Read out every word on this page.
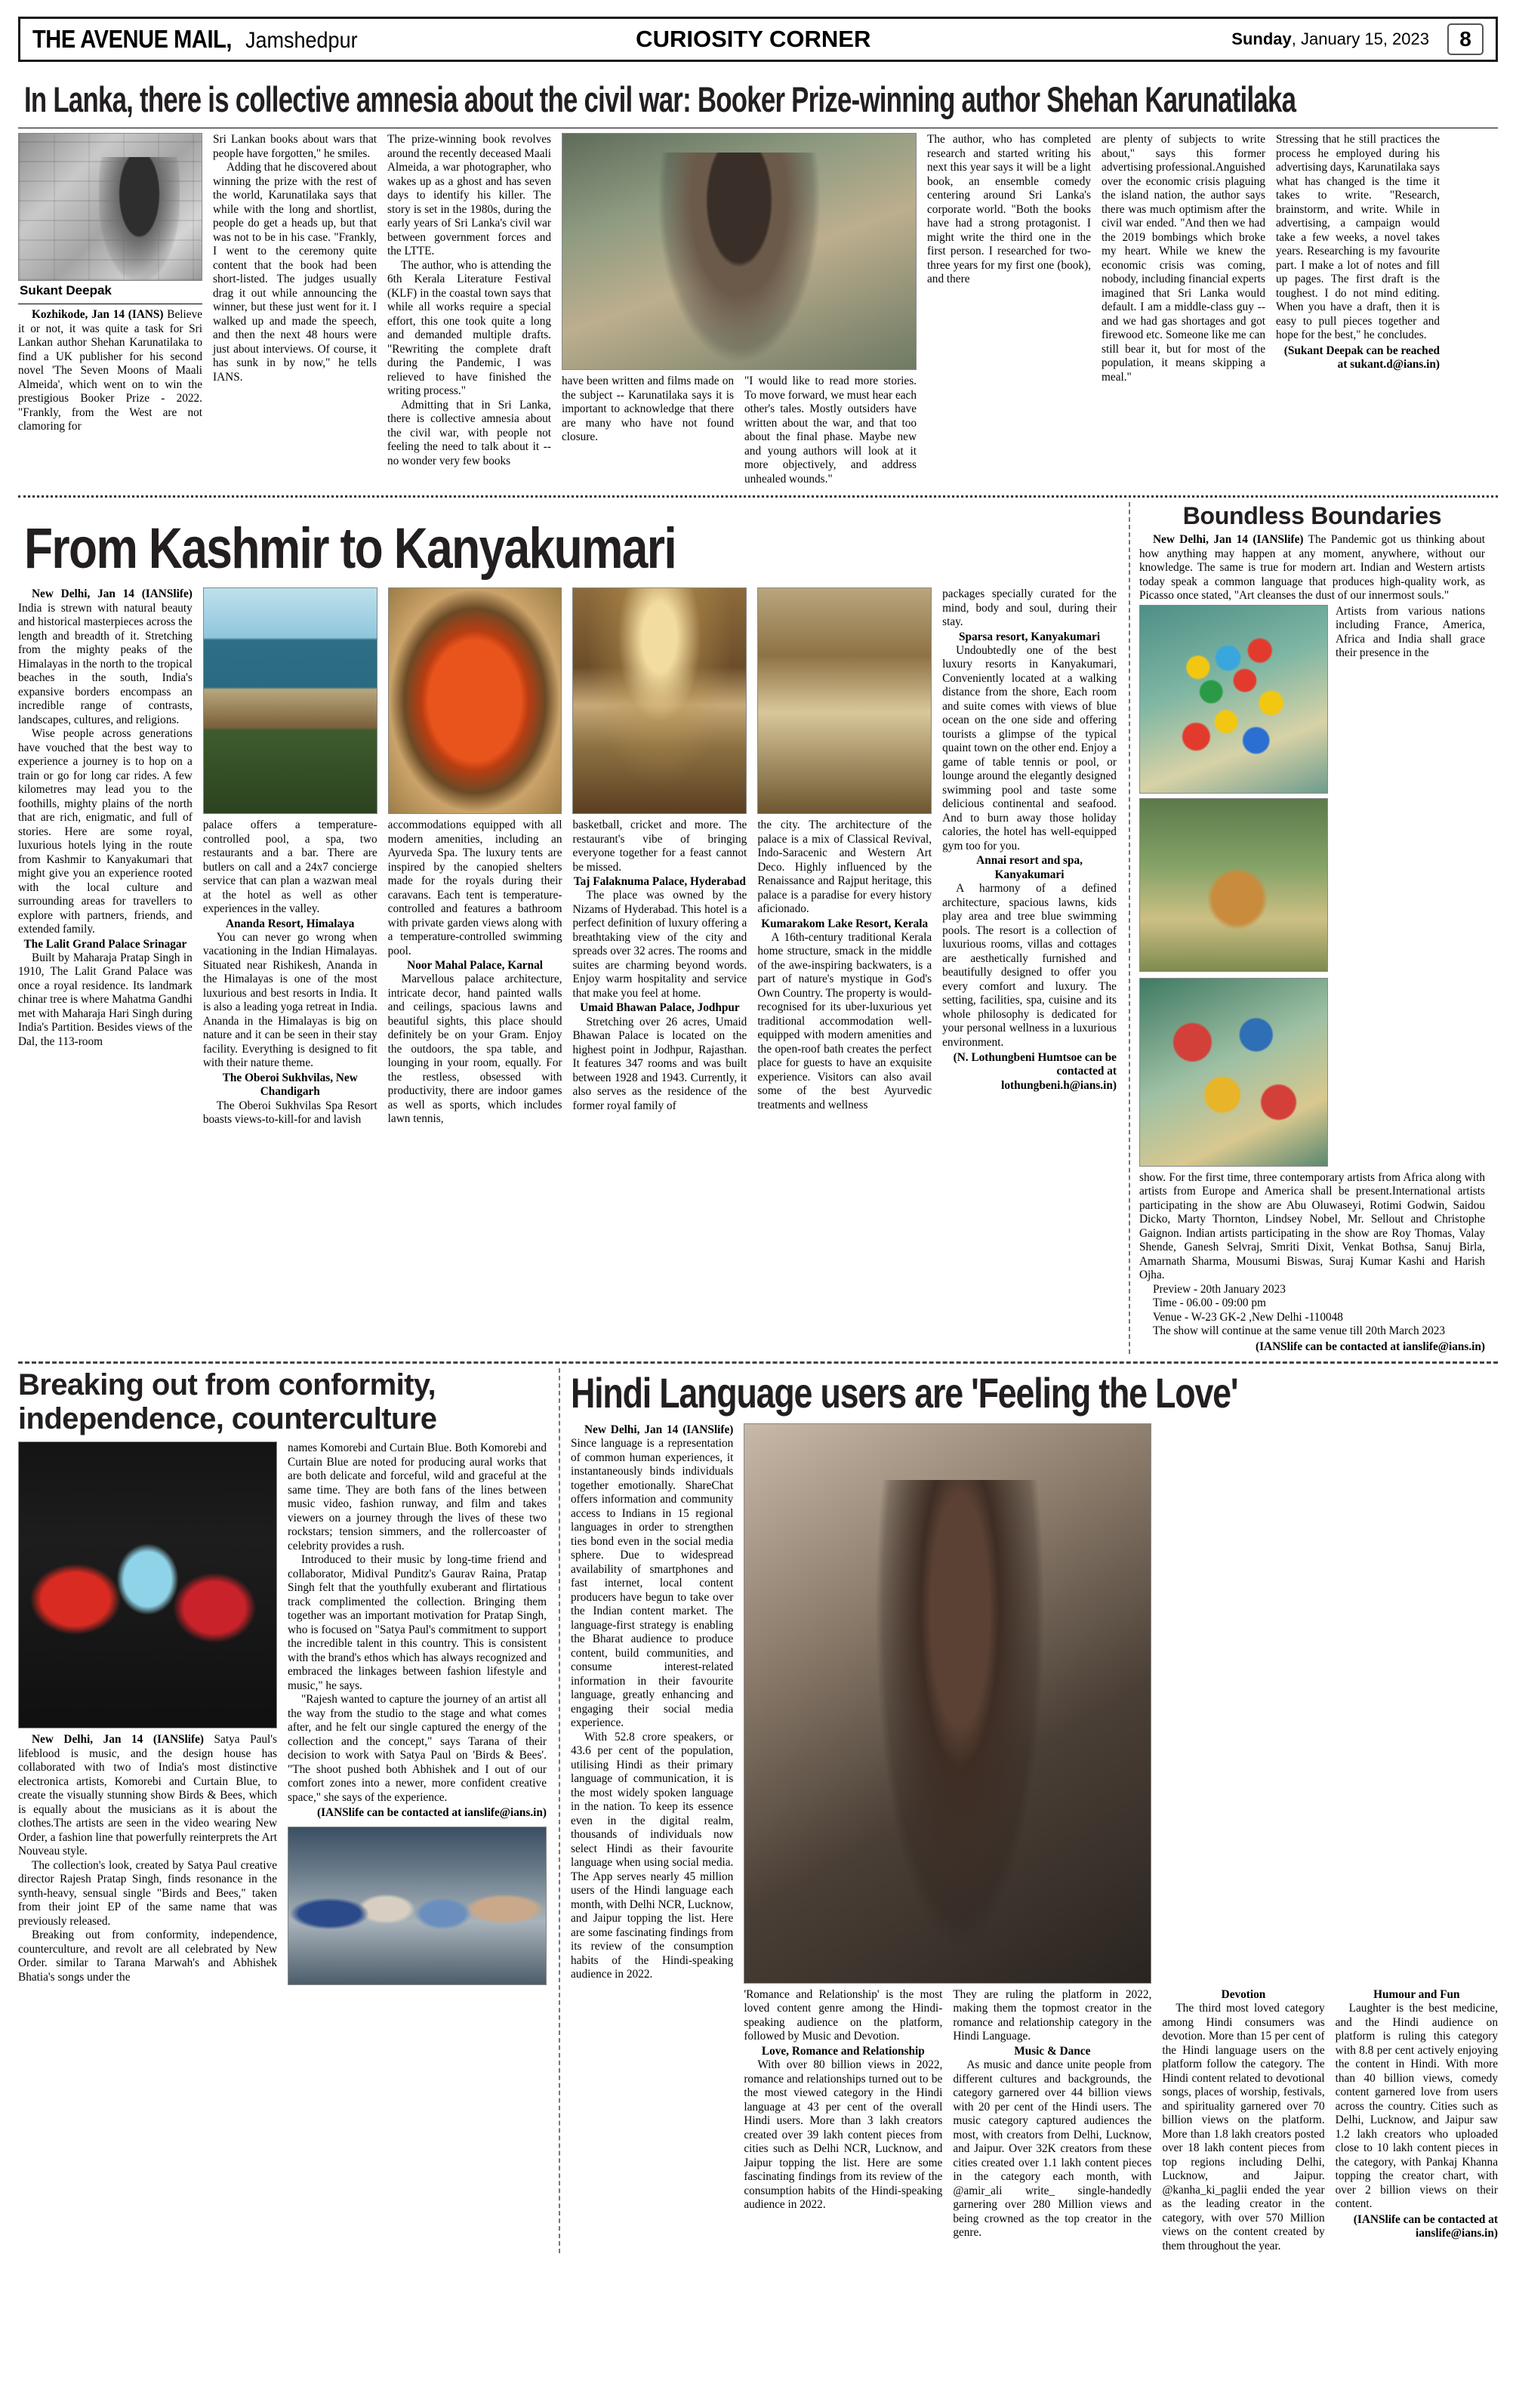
THE AVENUE MAIL, Jamshedpur	CURIOSITY CORNER	Sunday, January 15, 2023	8
In Lanka, there is collective amnesia about the civil war: Booker Prize-winning author Shehan Karunatilaka
Sukant Deepak

Kozhikode, Jan 14 (IANS) Believe it or not, it was quite a task for Sri Lankan author Shehan Karunatilaka to find a UK publisher for his second novel 'The Seven Moons of Maali Almeida', which went on to win the prestigious Booker Prize - 2022. "Frankly, from the West are not clamoring for

Sri Lankan books about wars that people have forgotten," he smiles.

Adding that he discovered about winning the prize with the rest of the world, Karunatilaka says that while with the long and shortlist, people do get a heads up, but that was not to be in his case. "Frankly, I went to the ceremony quite content that the book had been short-listed. The judges usually drag it out while announcing the winner, but these just went for it. I walked up and made the speech, and then the next 48 hours were just about interviews. Of course, it has sunk in by now," he tells IANS.

The prize-winning book revolves around the recently deceased Maali Almeida, a war photographer, who wakes up as a ghost and has seven days to identify his killer. The story is set in the 1980s, during the early years of Sri Lanka's civil war between government forces and the LTTE.

The author, who is attending the 6th Kerala Literature Festival (KLF) in the coastal town says that while all works require a special effort, this one took quite a long and demanded multiple drafts. "Rewriting the complete draft during the Pandemic, I was relieved to have finished the writing process."

Admitting that in Sri Lanka, there is collective amnesia about the civil war, with people not feeling the need to talk about it -- no wonder very few books

have been written and films made on the subject -- Karunatilaka says it is important to acknowledge that there are many who have not found closure.

"I would like to read more stories. To move forward, we must hear each other's tales. Mostly outsiders have written about the war, and that too about the final phase. Maybe new and young authors will look at it more objectively, and address unhealed wounds."

The author, who has completed research and started writing his next this year says it will be a light book, an ensemble comedy centering around Sri Lanka's corporate world. "Both the books have had a strong protagonist. I might write the third one in the first person. I researched for two-three years for my first one (book), and there

are plenty of subjects to write about," says this former advertising professional.Anguished over the economic crisis plaguing the island nation, the author says there was much optimism after the civil war ended. "And then we had the 2019 bombings which broke my heart. While we knew the economic crisis was coming, nobody, including financial experts imagined that Sri Lanka would default. I am a middle-class guy -- and we had gas shortages and got firewood etc. Someone like me can still bear it, but for most of the population, it means skipping a meal."

Stressing that he still practices the process he employed during his advertising days, Karunatilaka says what has changed is the time it takes to write. "Research, brainstorm, and write. While in advertising, a campaign would take a few weeks, a novel takes years. Researching is my favourite part. I make a lot of notes and fill up pages. The first draft is the toughest. I do not mind editing. When you have a draft, then it is easy to pull pieces together and hope for the best," he concludes.

(Sukant Deepak can be reached at sukant.d@ians.in)
From Kashmir to Kanyakumari

New Delhi, Jan 14 (IANSlife) India is strewn with natural beauty and historical masterpieces across the length and breadth of it. Stretching from the mighty peaks of the Himalayas in the north to the tropical beaches in the south, India's expansive borders encompass an incredible range of contrasts, landscapes, cultures, and religions.

Wise people across generations have vouched that the best way to experience a journey is to hop on a train or go for long car rides. A few kilometres may lead you to the foothills, mighty plains of the north that are rich, enigmatic, and full of stories. Here are some royal, luxurious hotels lying in the route from Kashmir to Kanyakumari that might give you an experience rooted with the local culture and surrounding areas for travellers to explore with partners, friends, and extended family.

The Lalit Grand Palace Srinagar

Built by Maharaja Pratap Singh in 1910, The Lalit Grand Palace was once a royal residence. Its landmark chinar tree is where Mahatma Gandhi met with Maharaja Hari Singh during India's Partition. Besides views of the Dal, the 113-room

palace offers a temperature-controlled pool, a spa, two restaurants and a bar. There are butlers on call and a 24x7 concierge service that can plan a wazwan meal at the hotel as well as other experiences in the valley.

Ananda Resort, Himalaya

You can never go wrong when vacationing in the Indian Himalayas. Situated near Rishikesh, Ananda in the Himalayas is one of the most luxurious and best resorts in India. It is also a leading yoga retreat in India. Ananda in the Himalayas is big on nature and it can be seen in their stay facility. Everything is designed to fit with their nature theme.

The Oberoi Sukhvilas, New Chandigarh

The Oberoi Sukhvilas Spa Resort boasts views-to-kill-for and lavish

accommodations equipped with all modern amenities, including an Ayurveda Spa. The luxury tents are inspired by the canopied shelters made for the royals during their caravans. Each tent is temperature-controlled and features a bathroom with private garden views along with a temperature-controlled swimming pool.

Noor Mahal Palace, Karnal

Marvellous palace architecture, intricate decor, hand painted walls and ceilings, spacious lawns and beautiful sights, this place should definitely be on your Gram. Enjoy the outdoors, the spa table, and lounging in your room, equally. For the restless, obsessed with productivity, there are indoor games as well as sports, which includes lawn tennis,

basketball, cricket and more. The restaurant's vibe of bringing everyone together for a feast cannot be missed.

Taj Falaknuma Palace, Hyderabad

The place was owned by the Nizams of Hyderabad. This hotel is a perfect definition of luxury offering a breathtaking view of the city and spreads over 32 acres. The rooms and suites are charming beyond words. Enjoy warm hospitality and service that make you feel at home.

Umaid Bhawan Palace, Jodhpur

Stretching over 26 acres, Umaid Bhawan Palace is located on the highest point in Jodhpur, Rajasthan. It features 347 rooms and was built between 1928 and 1943. Currently, it also serves as the residence of the former royal family of

the city. The architecture of the palace is a mix of Classical Revival, Indo-Saracenic and Western Art Deco. Highly influenced by the Renaissance and Rajput heritage, this palace is a paradise for every history aficionado.

Kumarakom Lake Resort, Kerala

A 16th-century traditional Kerala home structure, smack in the middle of the awe-inspiring backwaters, is a part of nature's mystique in God's Own Country. The property is would-recognised for its uber-luxurious yet traditional accommodation well-equipped with modern amenities and the open-roof bath creates the perfect place for guests to have an exquisite experience. Visitors can also avail some of the best Ayurvedic treatments and wellness

packages specially curated for the mind, body and soul, during their stay.

Sparsa resort, Kanyakumari

Undoubtedly one of the best luxury resorts in Kanyakumari, Conveniently located at a walking distance from the shore, Each room and suite comes with views of blue ocean on the one side and offering tourists a glimpse of the typical quaint town on the other end. Enjoy a game of table tennis or pool, or lounge around the elegantly designed swimming pool and taste some delicious continental and seafood. And to burn away those holiday calories, the hotel has well-equipped gym too for you.

Annai resort and spa, Kanyakumari

A harmony of a defined architecture, spacious lawns, kids play area and tree blue swimming pools. The resort is a collection of luxurious rooms, villas and cottages are aesthetically furnished and beautifully designed to offer you every comfort and luxury. The setting, facilities, spa, cuisine and its whole philosophy is dedicated for your personal wellness in a luxurious environment.

(N. Lothungbeni Humtsoe can be contacted at lothungbeni.h@ians.in)
Boundless Boundaries

New Delhi, Jan 14 (IANSlife) The Pandemic got us thinking about how anything may happen at any moment, anywhere, without our knowledge. The same is true for modern art. Indian and Western artists today speak a common language that produces high-quality work, as Picasso once stated, "Art cleanses the dust of our innermost souls."

Artists from various nations including France, America, Africa and India shall grace their presence in the

show. For the first time, three contemporary artists from Africa along with artists from Europe and America shall be present.International artists participating in the show are Abu Oluwaseyi, Rotimi Godwin, Saidou Dicko, Marty Thornton, Lindsey Nobel, Mr. Sellout and Christophe Gaignon. Indian artists participating in the show are Roy Thomas, Valay Shende, Ganesh Selvraj, Smriti Dixit, Venkat Bothsa, Sanuj Birla, Amarnath Sharma, Mousumi Biswas, Suraj Kumar Kashi and Harish Ojha.

Preview - 20th January 2023

Time - 06.00 - 09:00 pm

Venue - W-23 GK-2 ,New Delhi -110048

The show will continue at the same venue till 20th March 2023

(IANSlife can be contacted at ianslife@ians.in)
Breaking out from conformity,
independence, counterculture

New Delhi, Jan 14 (IANSlife) Satya Paul's lifeblood is music, and the design house has collaborated with two of India's most distinctive electronica artists, Komorebi and Curtain Blue, to create the visually stunning show Birds & Bees, which is equally about the musicians as it is about the clothes.The artists are seen in the video wearing New Order, a fashion line that powerfully reinterprets the Art Nouveau style.

The collection's look, created by Satya Paul creative director Rajesh Pratap Singh, finds resonance in the synth-heavy, sensual single "Birds and Bees," taken from their joint EP of the same name that was previously released.

Breaking out from conformity, independence, counterculture, and revolt are all celebrated by New Order. similar to Tarana Marwah's and Abhishek Bhatia's songs under the

names Komorebi and Curtain Blue. Both Komorebi and Curtain Blue are noted for producing aural works that are both delicate and forceful, wild and graceful at the same time. They are both fans of the lines between music video, fashion runway, and film and takes viewers on a journey through the lives of these two rockstars; tension simmers, and the rollercoaster of celebrity provides a rush.

Introduced to their music by long-time friend and collaborator, Midival Punditz's Gaurav Raina, Pratap Singh felt that the youthfully exuberant and flirtatious track complimented the collection. Bringing them together was an important motivation for Pratap Singh, who is focused on "Satya Paul's commitment to support the incredible talent in this country. This is consistent with the brand's ethos which has always recognized and embraced the linkages between fashion lifestyle and music," he says.

"Rajesh wanted to capture the journey of an artist all the way from the studio to the stage and what comes after, and he felt our single captured the energy of the collection and the concept," says Tarana of their decision to work with Satya Paul on 'Birds & Bees'. "The shoot pushed both Abhishek and I out of our comfort zones into a newer, more confident creative space," she says of the experience.

(IANSlife can be contacted at ianslife@ians.in)
Hindi Language users are 'Feeling the Love'

New Delhi, Jan 14 (IANSlife) Since language is a representation of common human experiences, it instantaneously binds individuals together emotionally. ShareChat offers information and community access to Indians in 15 regional languages in order to strengthen ties bond even in the social media sphere. Due to widespread availability of smartphones and fast internet, local content producers have begun to take over the Indian content market. The language-first strategy is enabling the Bharat audience to produce content, build communities, and consume interest-related information in their favourite language, greatly enhancing and engaging their social media experience.

With 52.8 crore speakers, or 43.6 per cent of the population, utilising Hindi as their primary language of communication, it is the most widely spoken language in the nation. To keep its essence even in the digital realm, thousands of individuals now select Hindi as their favourite language when using social media. The App serves nearly 45 million users of the Hindi language each month, with Delhi NCR, Lucknow, and Jaipur topping the list. Here are some fascinating findings from its review of the consumption habits of the Hindi-speaking audience in 2022.

'Romance and Relationship' is the most loved content genre among the Hindi-speaking audience on the platform, followed by Music and Devotion.

Love, Romance and Relationship

With over 80 billion views in 2022, romance and relationships turned out to be the most viewed category in the Hindi language at 43 per cent of the overall Hindi users. More than 3 lakh creators created over 39 lakh content pieces from cities such as Delhi NCR, Lucknow, and Jaipur topping the list. Here are some fascinating findings from its review of the consumption habits of the Hindi-speaking audience in 2022.

They are ruling the platform in 2022, making them the topmost creator in the romance and relationship category in the Hindi Language.

Music & Dance

As music and dance unite people from different cultures and backgrounds, the category garnered over 44 billion views with 20 per cent of the Hindi users. The music category captured audiences the most, with creators from Delhi, Lucknow, and Jaipur. Over 32K creators from these cities created over 1.1 lakh content pieces in the category each month, with @amir_ali write_ single-handedly garnering over 280 Million views and being crowned as the top creator in the genre.

Devotion

The third most loved category among Hindi consumers was devotion. More than 15 per cent of the Hindi language users on the platform follow the category. The Hindi content related to devotional songs, places of worship, festivals, and spirituality garnered over 70 billion views on the platform. More than 1.8 lakh creators posted over 18 lakh content pieces from top regions including Delhi, Lucknow, and Jaipur. @kanha_ki_paglii ended the year as the leading creator in the category, with over 570 Million views on the content created by them throughout the year.

Humour and Fun

Laughter is the best medicine, and the Hindi audience on platform is ruling this category with 8.8 per cent actively enjoying the content in Hindi. With more than 40 billion views, comedy content garnered love from users across the country. Cities such as Delhi, Lucknow, and Jaipur saw 1.2 lakh creators who uploaded close to 10 lakh content pieces in the category, with Pankaj Khanna topping the creator chart, with over 2 billion views on their content.

(IANSlife can be contacted at ianslife@ians.in)
